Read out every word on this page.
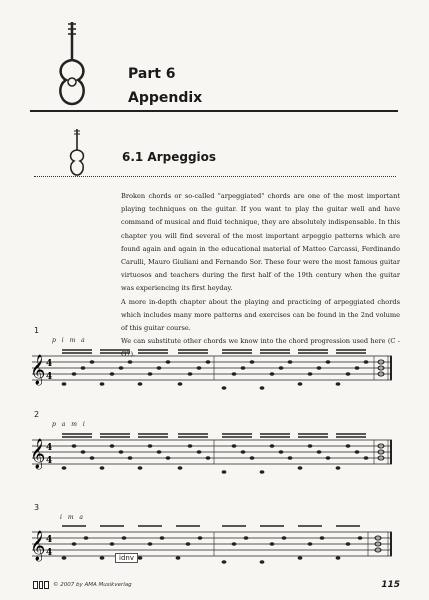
Part 6
Appendix
6.1 Arpeggios

Broken chords or so-called "arpeggiated" chords are one of the most important playing techniques on the guitar. If you want to play the guitar well and have command of musical and fluid technique, they are absolutely indispensable. In this chapter you will find several of the most important arpeggio patterns which are found again and again in the educational material of Matteo Carcassi, Ferdinando Carulli, Mauro Giuliani and Fernando Sor. These four were the most famous guitar virtuosos and teachers during the first half of the 19th century when the guitar was experiencing its first heyday.

A more in-depth chapter about the playing and practicing of arpeggiated chords which includes many more patterns and exercises can be found in the 2nd volume of this guitar course.

We can substitute other chords we know into the chord progression used here (C - G7).

1
p i m a
𝄞 4
4
2
p a m i
𝄞 4
4
3
i m a
𝄞 4
4	idnv
© 2007 by AMA Musikverlag	115
